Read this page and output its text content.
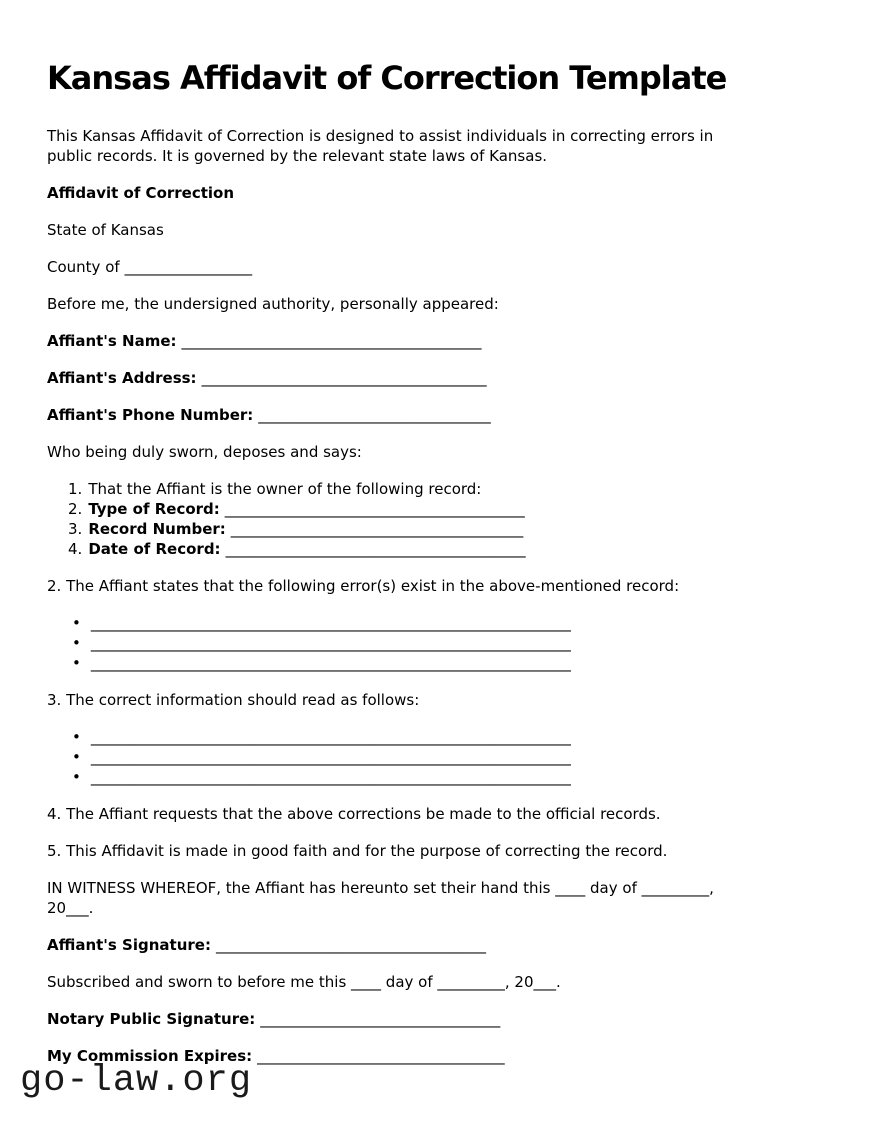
Kansas Affidavit of Correction Template

This Kansas Affidavit of Correction is designed to assist individuals in correcting errors in
public records. It is governed by the relevant state laws of Kansas.

Affidavit of Correction

State of Kansas

County of _________________

Before me, the undersigned authority, personally appeared:

Affiant's Name: ________________________________________

Affiant's Address: ______________________________________

Affiant's Phone Number: _______________________________

Who being duly sworn, deposes and says:

1. That the Affiant is the owner of the following record:
2. Type of Record: ________________________________________
3. Record Number: _______________________________________
4. Date of Record: ________________________________________

2. The Affiant states that the following error(s) exist in the above-mentioned record:

• ________________________________________________________________
• ________________________________________________________________
• ________________________________________________________________

3. The correct information should read as follows:

• ________________________________________________________________
• ________________________________________________________________
• ________________________________________________________________

4. The Affiant requests that the above corrections be made to the official records.

5. This Affidavit is made in good faith and for the purpose of correcting the record.

IN WITNESS WHEREOF, the Affiant has hereunto set their hand this ____ day of _________,
20___.

Affiant's Signature: ____________________________________

Subscribed and sworn to before me this ____ day of _________, 20___.

Notary Public Signature: ________________________________

My Commission Expires: _________________________________

go-law.org
